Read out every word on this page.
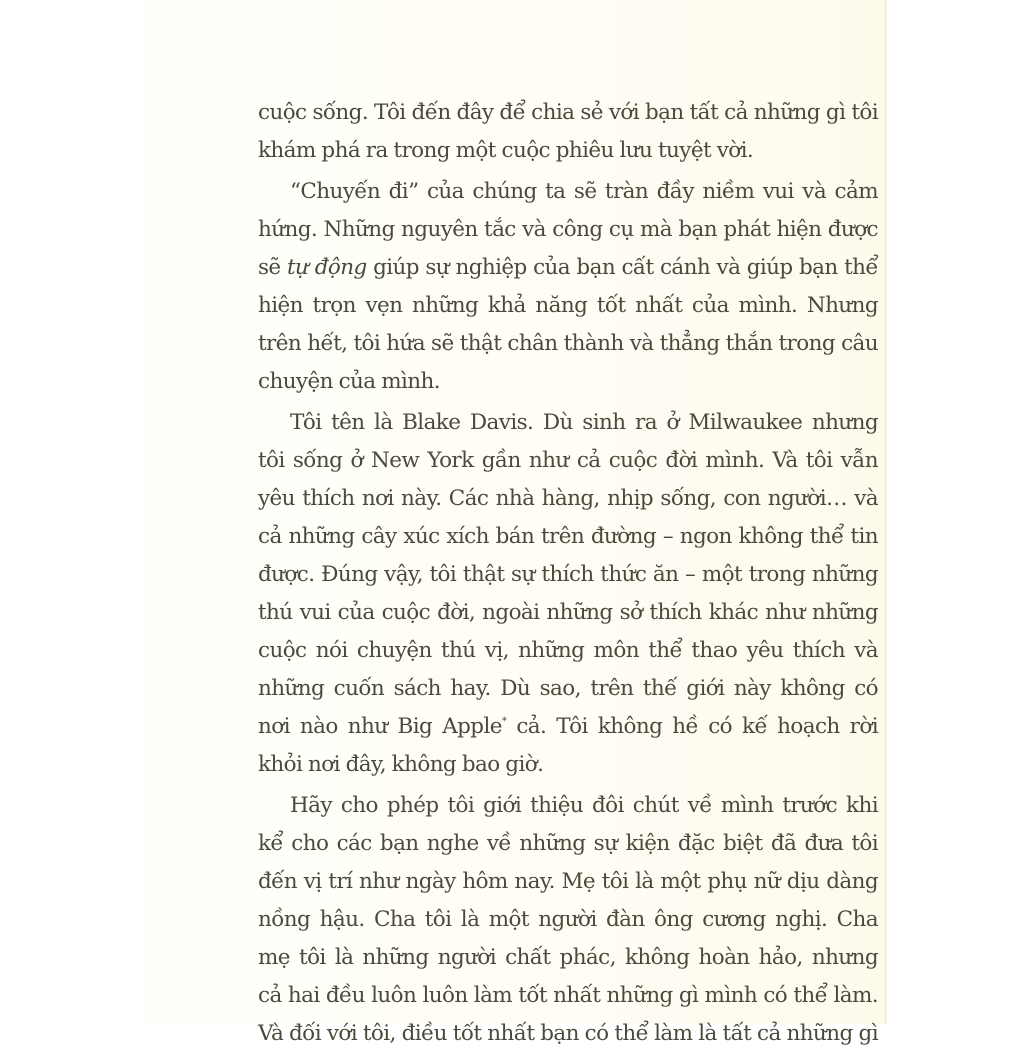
cuộc sống. Tôi đến đây để chia sẻ với bạn tất cả những gì tôi
khám phá ra trong một cuộc phiêu lưu tuyệt vời.
“Chuyến đi” của chúng ta sẽ tràn đầy niềm vui và cảm
hứng. Những nguyên tắc và công cụ mà bạn phát hiện được
sẽ tự động giúp sự nghiệp của bạn cất cánh và giúp bạn thể
hiện trọn vẹn những khả năng tốt nhất của mình. Nhưng
trên hết, tôi hứa sẽ thật chân thành và thẳng thắn trong câu
chuyện của mình.
Tôi tên là Blake Davis. Dù sinh ra ở Milwaukee nhưng
tôi sống ở New York gần như cả cuộc đời mình. Và tôi vẫn
yêu thích nơi này. Các nhà hàng, nhịp sống, con người… và
cả những cây xúc xích bán trên đường – ngon không thể tin
được. Đúng vậy, tôi thật sự thích thức ăn – một trong những
thú vui của cuộc đời, ngoài những sở thích khác như những
cuộc nói chuyện thú vị, những môn thể thao yêu thích và
những cuốn sách hay. Dù sao, trên thế giới này không có
nơi nào như Big Apple* cả. Tôi không hề có kế hoạch rời
khỏi nơi đây, không bao giờ.
Hãy cho phép tôi giới thiệu đôi chút về mình trước khi
kể cho các bạn nghe về những sự kiện đặc biệt đã đưa tôi
đến vị trí như ngày hôm nay. Mẹ tôi là một phụ nữ dịu dàng
nồng hậu. Cha tôi là một người đàn ông cương nghị. Cha
mẹ tôi là những người chất phác, không hoàn hảo, nhưng
cả hai đều luôn luôn làm tốt nhất những gì mình có thể làm.
Và đối với tôi, điều tốt nhất bạn có thể làm là tất cả những gì
